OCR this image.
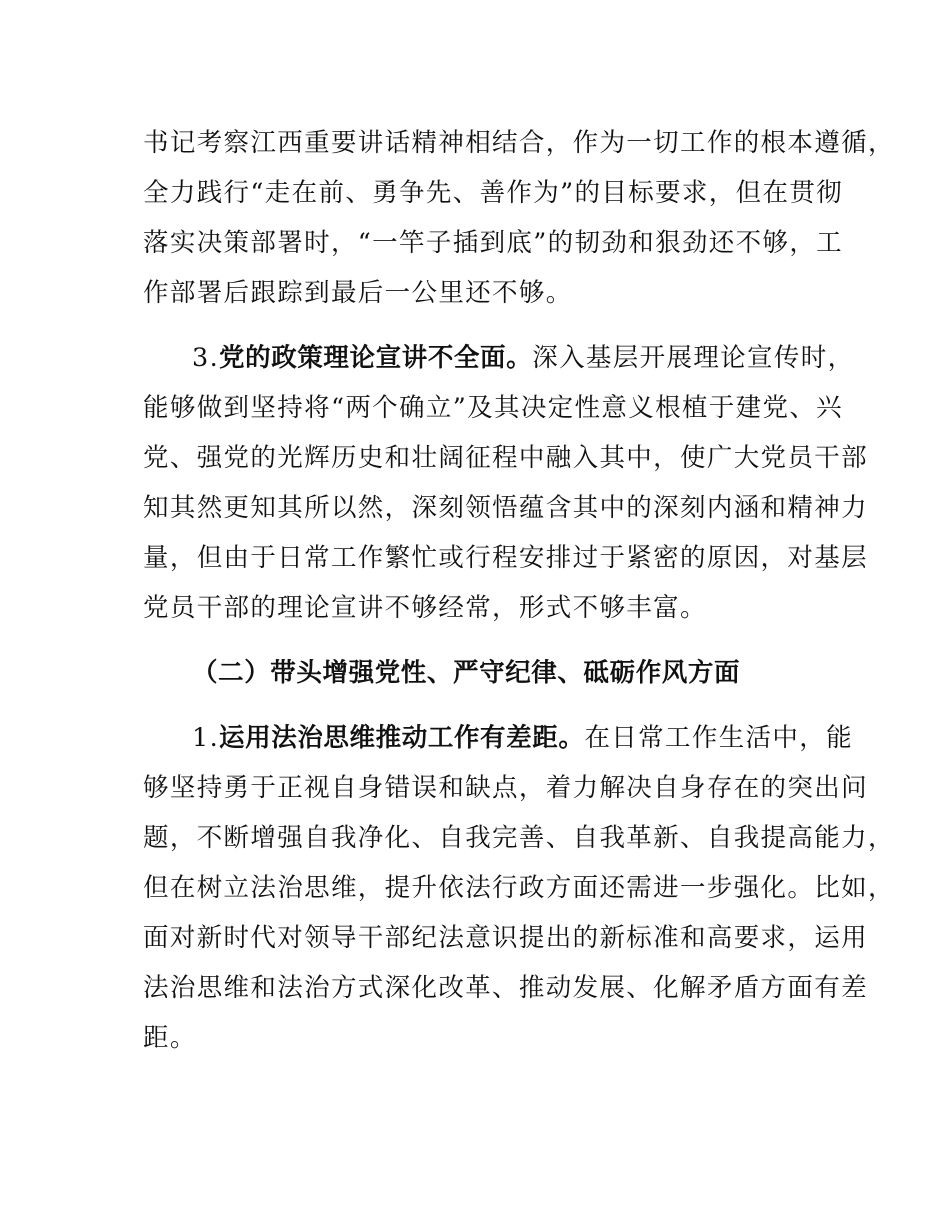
书记考察江西重要讲话精神相结合，作为一切工作的根本遵循，
全力践行“走在前、勇争先、善作为”的目标要求，但在贯彻
落实决策部署时，“一竿子插到底”的韧劲和狠劲还不够，工
作部署后跟踪到最后一公里还不够。
3.党的政策理论宣讲不全面。深入基层开展理论宣传时，
能够做到坚持将“两个确立”及其决定性意义根植于建党、兴
党、强党的光辉历史和壮阔征程中融入其中，使广大党员干部
知其然更知其所以然，深刻领悟蕴含其中的深刻内涵和精神力
量，但由于日常工作繁忙或行程安排过于紧密的原因，对基层
党员干部的理论宣讲不够经常，形式不够丰富。
（二）带头增强党性、严守纪律、砥砺作风方面
1.运用法治思维推动工作有差距。在日常工作生活中，能
够坚持勇于正视自身错误和缺点，着力解决自身存在的突出问
题，不断增强自我净化、自我完善、自我革新、自我提高能力，
但在树立法治思维，提升依法行政方面还需进一步强化。比如，
面对新时代对领导干部纪法意识提出的新标准和高要求，运用
法治思维和法治方式深化改革、推动发展、化解矛盾方面有差
距。
